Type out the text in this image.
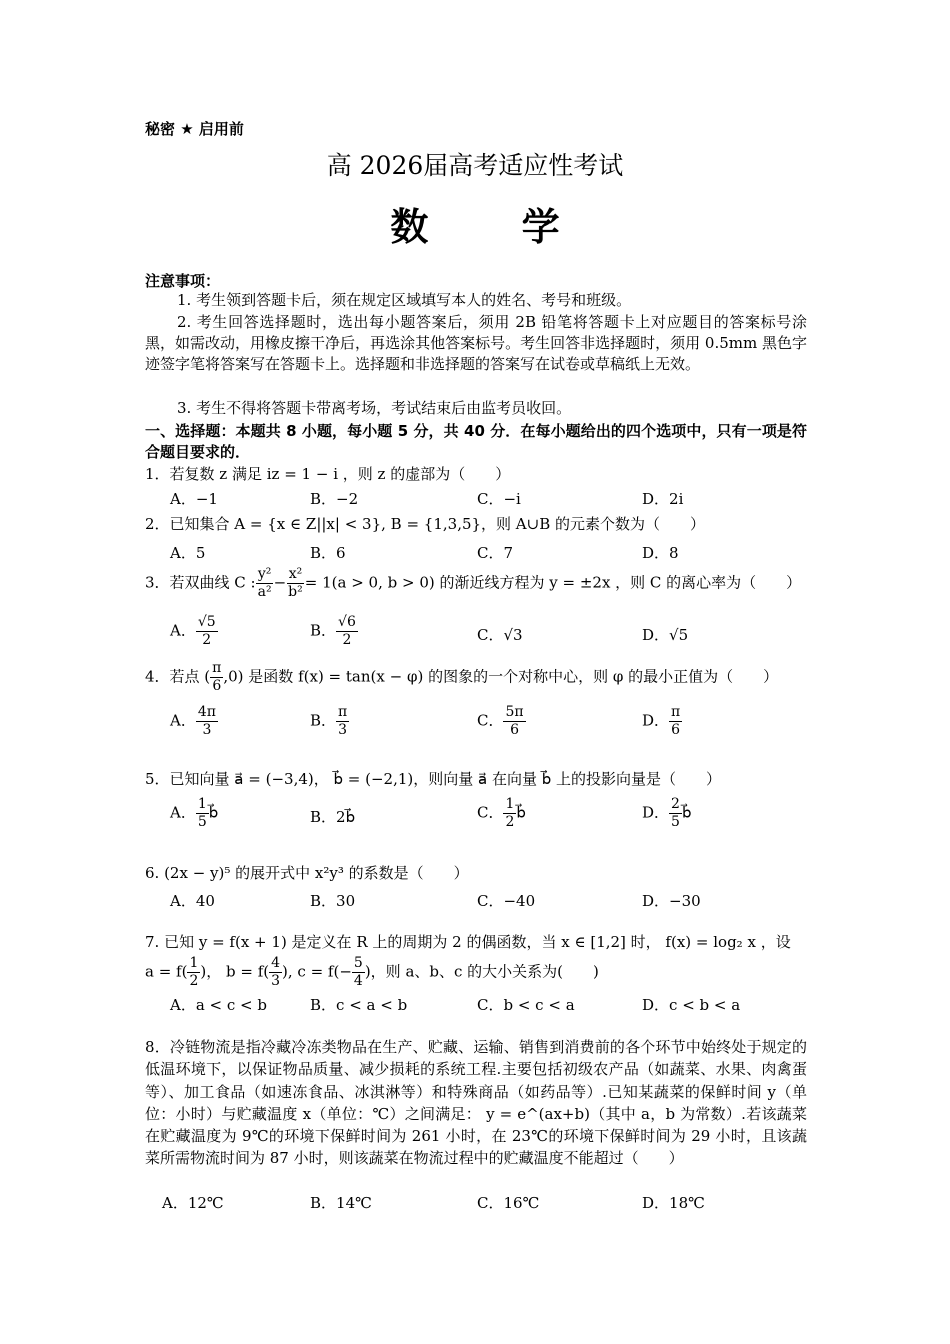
秘密 ★ 启用前
高 2026届高考适应性考试
数 学
注意事项：
1. 考生领到答题卡后，须在规定区域填写本人的姓名、考号和班级。
2. 考生回答选择题时，选出每小题答案后，须用 2B 铅笔将答题卡上对应题目的答案标号涂黑，如需改动，用橡皮擦干净后，再选涂其他答案标号。考生回答非选择题时，须用 0.5mm 黑色字迹签字笔将答案写在答题卡上。选择题和非选择题的答案写在试卷或草稿纸上无效。
3. 考生不得将答题卡带离考场，考试结束后由监考员收回。
一、选择题：本题共 8 小题，每小题 5 分，共 40 分．在每小题给出的四个选项中，只有一项是符合题目要求的．
1．若复数 z 满足 iz = 1 − i ，则 z 的虚部为（　　）
A．−1	B．−2	C．−i	D．2i
2．已知集合 A = {x ∈ Z||x| < 3}, B = {1,3,5}，则 A∪B 的元素个数为（　　）
A．5	B．6	C．7	D．8
3．若双曲线 C : $\frac{\text{y²}}{\text{a²}} - \frac{\text{x²}}{\text{b²}} = 1(a > 0$, b > 0) 的渐近线方程为 y = ±2x ，则 C 的离心率为（　　）
A． $\frac{√5}{2}$	B． $\frac{√6}{2}$	C．√3	D．√5
4．若点 ( $\frac{\pi}{6} ,0$) 是函数 f(x) = tan(x − φ) 的图象的一个对称中心，则 φ 的最小正值为（　　）
A． $\frac{4\pi}{3}$	B． $\frac{\pi}{3}$	C． $\frac{5\pi}{6}$	D． $\frac{\pi}{6}$
5．已知向量 a⃗ = (−3,4)， b⃗ = (−2,1)，则向量 a⃗ 在向量 b⃗ 上的投影向量是（　　）
A． $\frac{1}{5}$ b⃗	B．2b⃗	C． $\frac{1}{2}$ b⃗	D． $\frac{2}{5}$ b⃗
6. (2x − y)⁵ 的展开式中 x²y³ 的系数是（　　）
A．40	B．30	C．−40	D．−30
7. 已知 y = f(x + 1) 是定义在 R 上的周期为 2 的偶函数，当 x ∈ [1,2] 时， f(x) = log₂ x ，设
$a = f( \frac{1}{2}$ )， $b = f( \frac{4}{3}$ ), $c = f(- \frac{5}{4}$ )，则 a、b、c 的大小关系为(　　)
A．a < c < b	B．c < a < b	C．b < c < a	D．c < b < a
8．冷链物流是指冷藏冷冻类物品在生产、贮藏、运输、销售到消费前的各个环节中始终处于规定的低温环境下，以保证物品质量、减少损耗的系统工程.主要包括初级农产品（如蔬菜、水果、肉禽蛋等）、加工食品（如速冻食品、冰淇淋等）和特殊商品（如药品等）.已知某蔬菜的保鲜时间 y（单位：小时）与贮藏温度 x（单位：℃）之间满足： y = e^(ax+b)（其中 a，b 为常数）.若该蔬菜在贮藏温度为 9℃的环境下保鲜时间为 261 小时，在 23℃的环境下保鲜时间为 29 小时，且该蔬菜所需物流时间为 87 小时，则该蔬菜在物流过程中的贮藏温度不能超过（　　）
A．12℃	B．14℃	C．16℃	D．18℃
